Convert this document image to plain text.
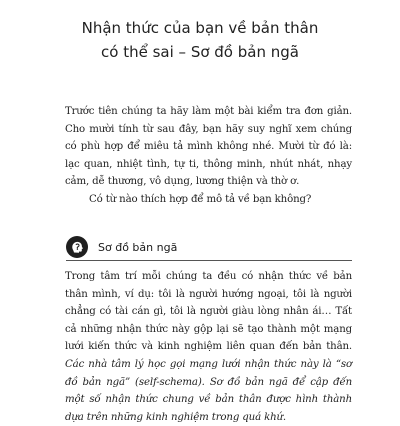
Nhận thức của bạn về bản thân
có thể sai – Sơ đồ bản ngã

Trước tiên chúng ta hãy làm một bài kiểm tra đơn giản. Cho mười tính từ sau đây, bạn hãy suy nghĩ xem chúng có phù hợp để miêu tả mình không nhé. Mười từ đó là: lạc quan, nhiệt tình, tự ti, thông minh, nhút nhát, nhạy cảm, dễ thương, vô dụng, lương thiện và thờ ơ.

Có từ nào thích hợp để mô tả về bạn không?

Sơ đồ bản ngã

Trong tâm trí mỗi chúng ta đều có nhận thức về bản thân mình, ví dụ: tôi là người hướng ngoại, tôi là người chẳng có tài cán gì, tôi là người giàu lòng nhân ái… Tất cả những nhận thức này gộp lại sẽ tạo thành một mạng lưới kiến thức và kinh nghiệm liên quan đến bản thân. Các nhà tâm lý học gọi mạng lưới nhận thức này là “sơ đồ bản ngã” (self-schema). Sơ đồ bản ngã để cập đến một số nhận thức chung về bản thân được hình thành dựa trên những kinh nghiệm trong quá khứ.
